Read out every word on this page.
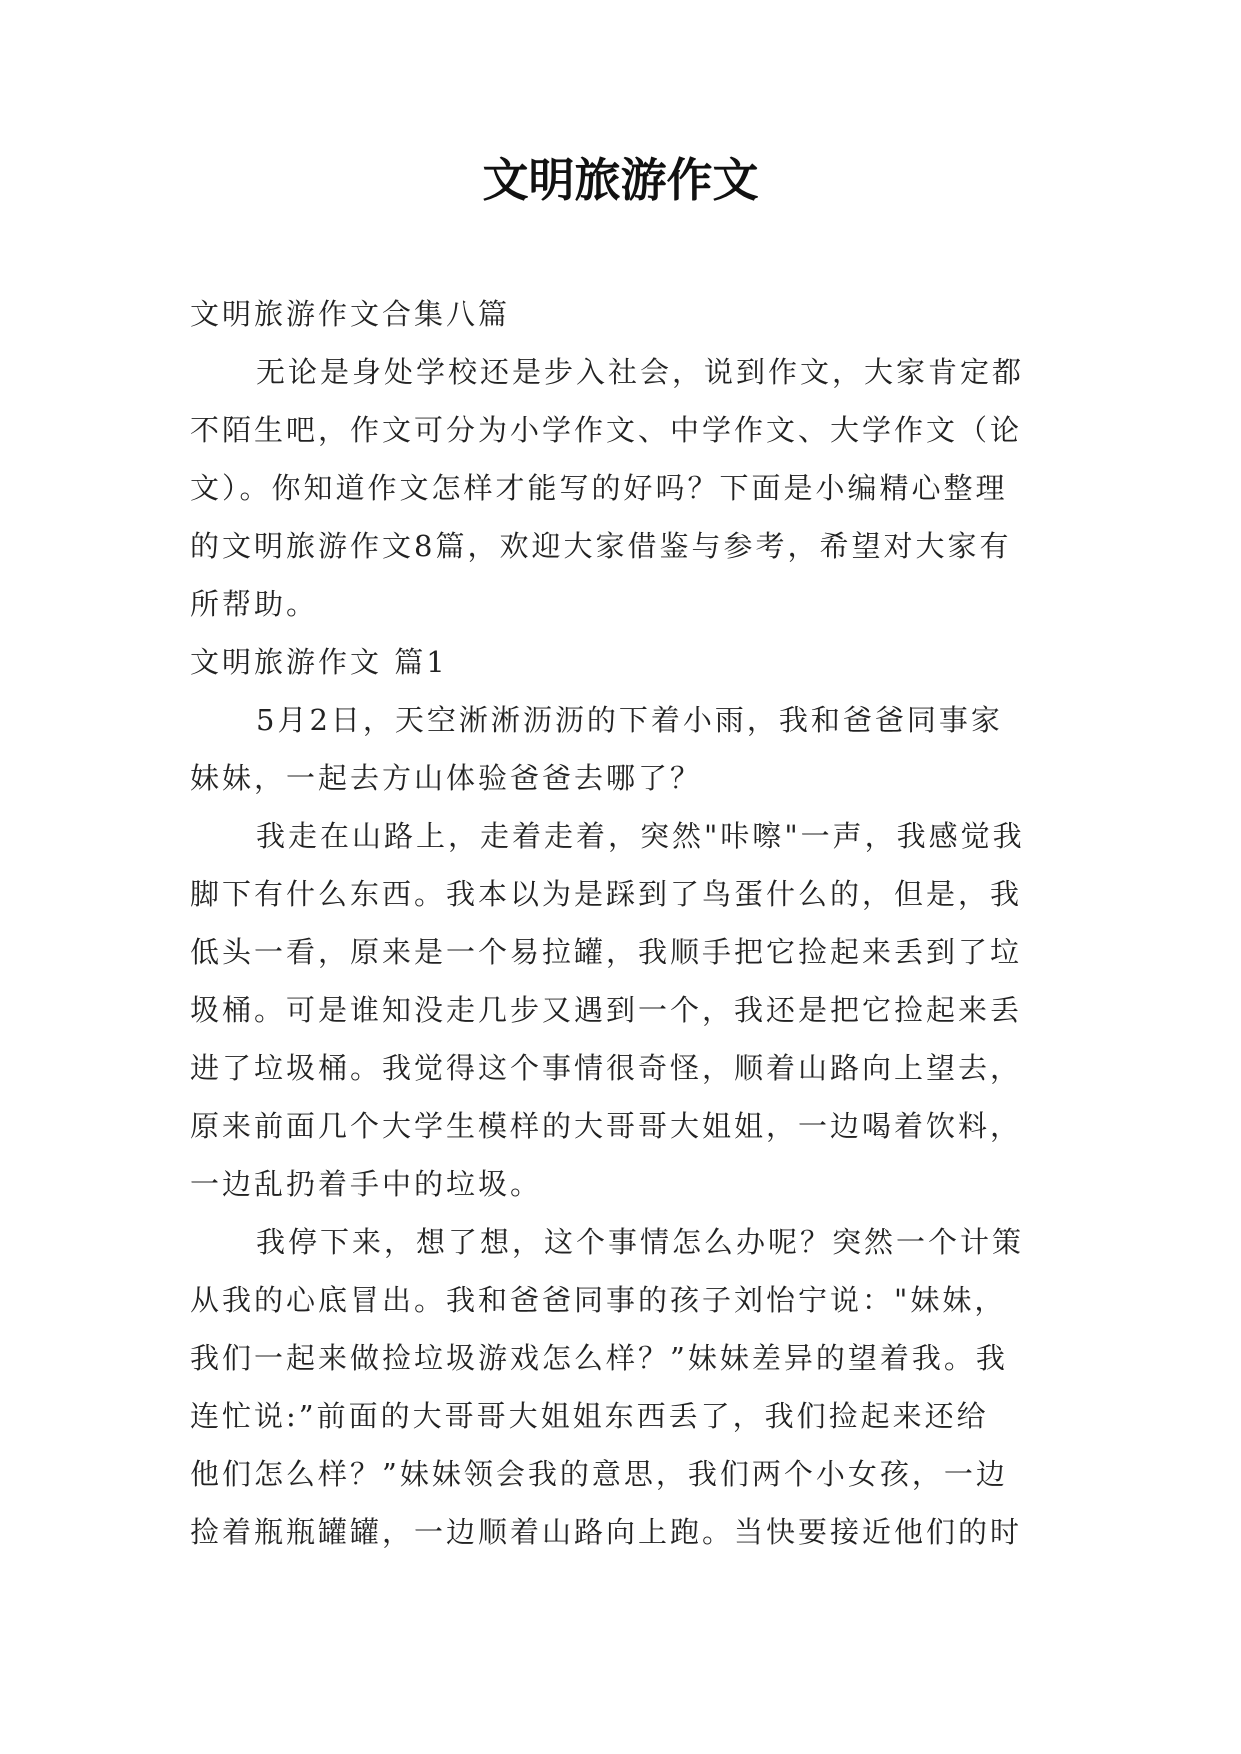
文明旅游作文
文明旅游作文合集八篇
无论是身处学校还是步入社会，说到作文，大家肯定都
不陌生吧，作文可分为小学作文、中学作文、大学作文（论
文）。你知道作文怎样才能写的好吗？下面是小编精心整理
的文明旅游作文8篇，欢迎大家借鉴与参考，希望对大家有
所帮助。
文明旅游作文 篇1
5月2日，天空淅淅沥沥的下着小雨，我和爸爸同事家
妹妹，一起去方山体验爸爸去哪了？
我走在山路上，走着走着，突然"咔嚓"一声，我感觉我
脚下有什么东西。我本以为是踩到了鸟蛋什么的，但是，我
低头一看，原来是一个易拉罐，我顺手把它捡起来丢到了垃
圾桶。可是谁知没走几步又遇到一个，我还是把它捡起来丢
进了垃圾桶。我觉得这个事情很奇怪，顺着山路向上望去，
原来前面几个大学生模样的大哥哥大姐姐，一边喝着饮料，
一边乱扔着手中的垃圾。
我停下来，想了想，这个事情怎么办呢？突然一个计策
从我的心底冒出。我和爸爸同事的孩子刘怡宁说："妹妹，
我们一起来做捡垃圾游戏怎么样？”妹妹差异的望着我。我
连忙说:”前面的大哥哥大姐姐东西丢了，我们捡起来还给
他们怎么样？”妹妹领会我的意思，我们两个小女孩，一边
捡着瓶瓶罐罐，一边顺着山路向上跑。当快要接近他们的时
